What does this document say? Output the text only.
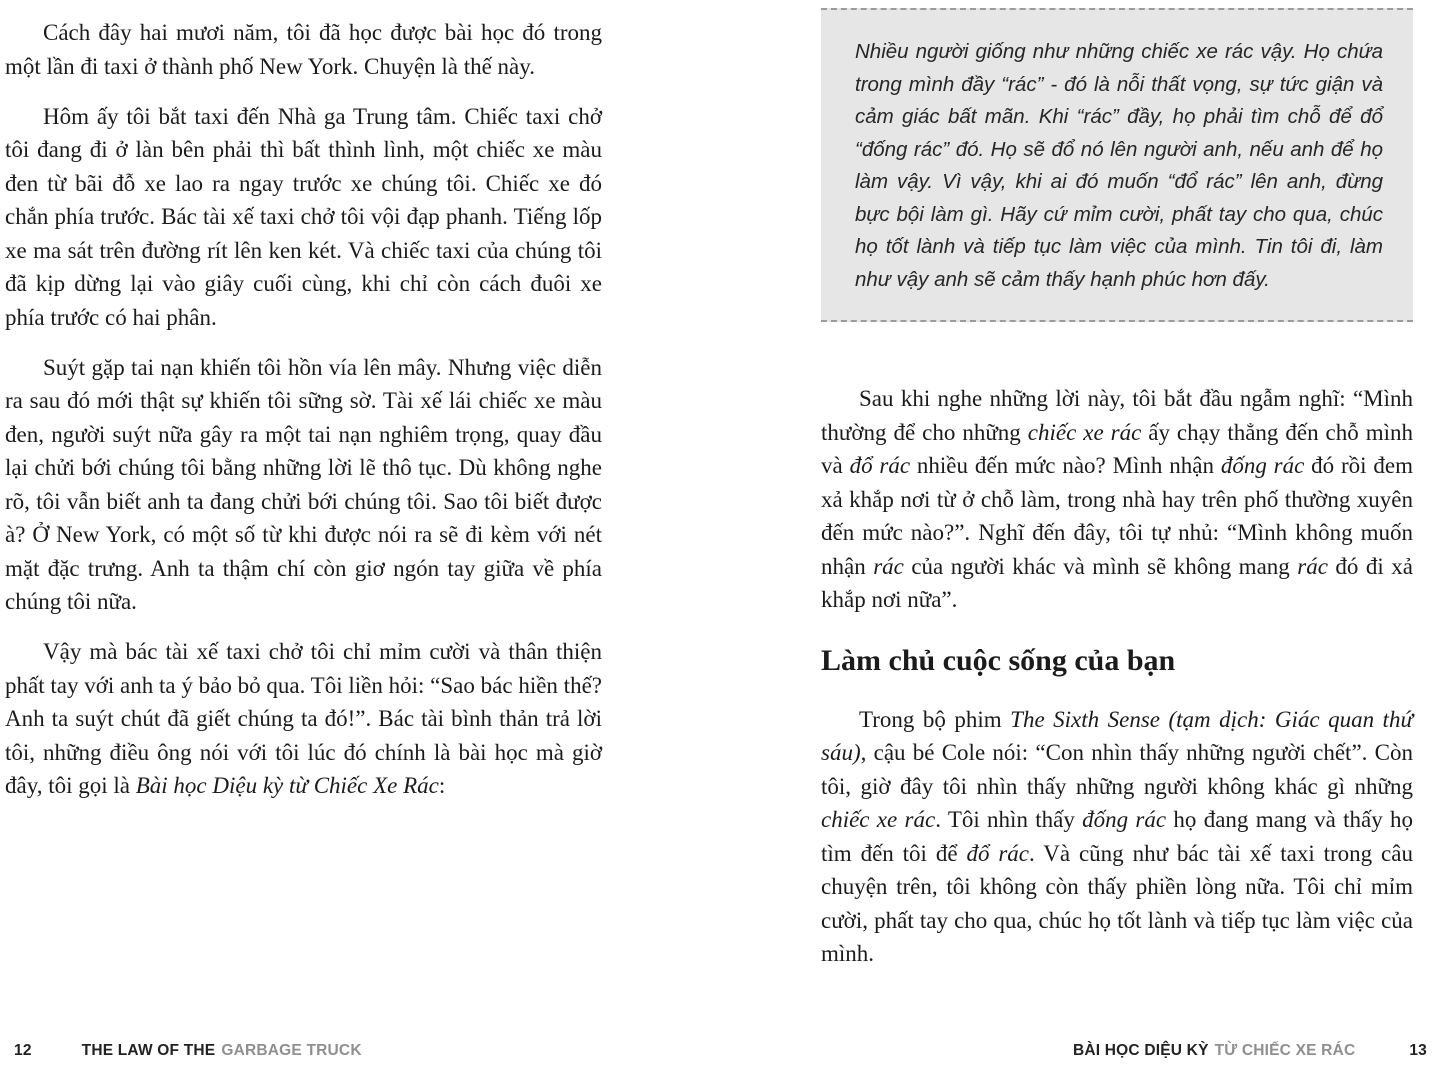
Cách đây hai mươi năm, tôi đã học được bài học đó trong một lần đi taxi ở thành phố New York. Chuyện là thế này.

Hôm ấy tôi bắt taxi đến Nhà ga Trung tâm. Chiếc taxi chở tôi đang đi ở làn bên phải thì bất thình lình, một chiếc xe màu đen từ bãi đỗ xe lao ra ngay trước xe chúng tôi. Chiếc xe đó chắn phía trước. Bác tài xế taxi chở tôi vội đạp phanh. Tiếng lốp xe ma sát trên đường rít lên ken két. Và chiếc taxi của chúng tôi đã kịp dừng lại vào giây cuối cùng, khi chỉ còn cách đuôi xe phía trước có hai phân.

Suýt gặp tai nạn khiến tôi hồn vía lên mây. Nhưng việc diễn ra sau đó mới thật sự khiến tôi sững sờ. Tài xế lái chiếc xe màu đen, người suýt nữa gây ra một tai nạn nghiêm trọng, quay đầu lại chửi bới chúng tôi bằng những lời lẽ thô tục. Dù không nghe rõ, tôi vẫn biết anh ta đang chửi bới chúng tôi. Sao tôi biết được à? Ở New York, có một số từ khi được nói ra sẽ đi kèm với nét mặt đặc trưng. Anh ta thậm chí còn giơ ngón tay giữa về phía chúng tôi nữa.

Vậy mà bác tài xế taxi chở tôi chỉ mỉm cười và thân thiện phất tay với anh ta ý bảo bỏ qua. Tôi liền hỏi: “Sao bác hiền thế? Anh ta suýt chút đã giết chúng ta đó!”. Bác tài bình thản trả lời tôi, những điều ông nói với tôi lúc đó chính là bài học mà giờ đây, tôi gọi là Bài học Diệu kỳ từ Chiếc Xe Rác:

Nhiều người giống như những chiếc xe rác vậy. Họ chứa trong mình đầy “rác” - đó là nỗi thất vọng, sự tức giận và cảm giác bất mãn. Khi “rác” đầy, họ phải tìm chỗ để đổ “đống rác” đó. Họ sẽ đổ nó lên người anh, nếu anh để họ làm vậy. Vì vậy, khi ai đó muốn “đổ rác” lên anh, đừng bực bội làm gì. Hãy cứ mỉm cười, phất tay cho qua, chúc họ tốt lành và tiếp tục làm việc của mình. Tin tôi đi, làm như vậy anh sẽ cảm thấy hạnh phúc hơn đấy.

Sau khi nghe những lời này, tôi bắt đầu ngẫm nghĩ: “Mình thường để cho những chiếc xe rác ấy chạy thẳng đến chỗ mình và đổ rác nhiều đến mức nào? Mình nhận đống rác đó rồi đem xả khắp nơi từ ở chỗ làm, trong nhà hay trên phố thường xuyên đến mức nào?”. Nghĩ đến đây, tôi tự nhủ: “Mình không muốn nhận rác của người khác và mình sẽ không mang rác đó đi xả khắp nơi nữa”.

Làm chủ cuộc sống của bạn

Trong bộ phim The Sixth Sense (tạm dịch: Giác quan thứ sáu), cậu bé Cole nói: “Con nhìn thấy những người chết”. Còn tôi, giờ đây tôi nhìn thấy những người không khác gì những chiếc xe rác. Tôi nhìn thấy đống rác họ đang mang và thấy họ tìm đến tôi để đổ rác. Và cũng như bác tài xế taxi trong câu chuyện trên, tôi không còn thấy phiền lòng nữa. Tôi chỉ mỉm cười, phất tay cho qua, chúc họ tốt lành và tiếp tục làm việc của mình.

12	THE LAW OF THE GARBAGE TRUCK	BÀI HỌC DIỆU KỲ TỪ CHIẾC XE RÁC	13
